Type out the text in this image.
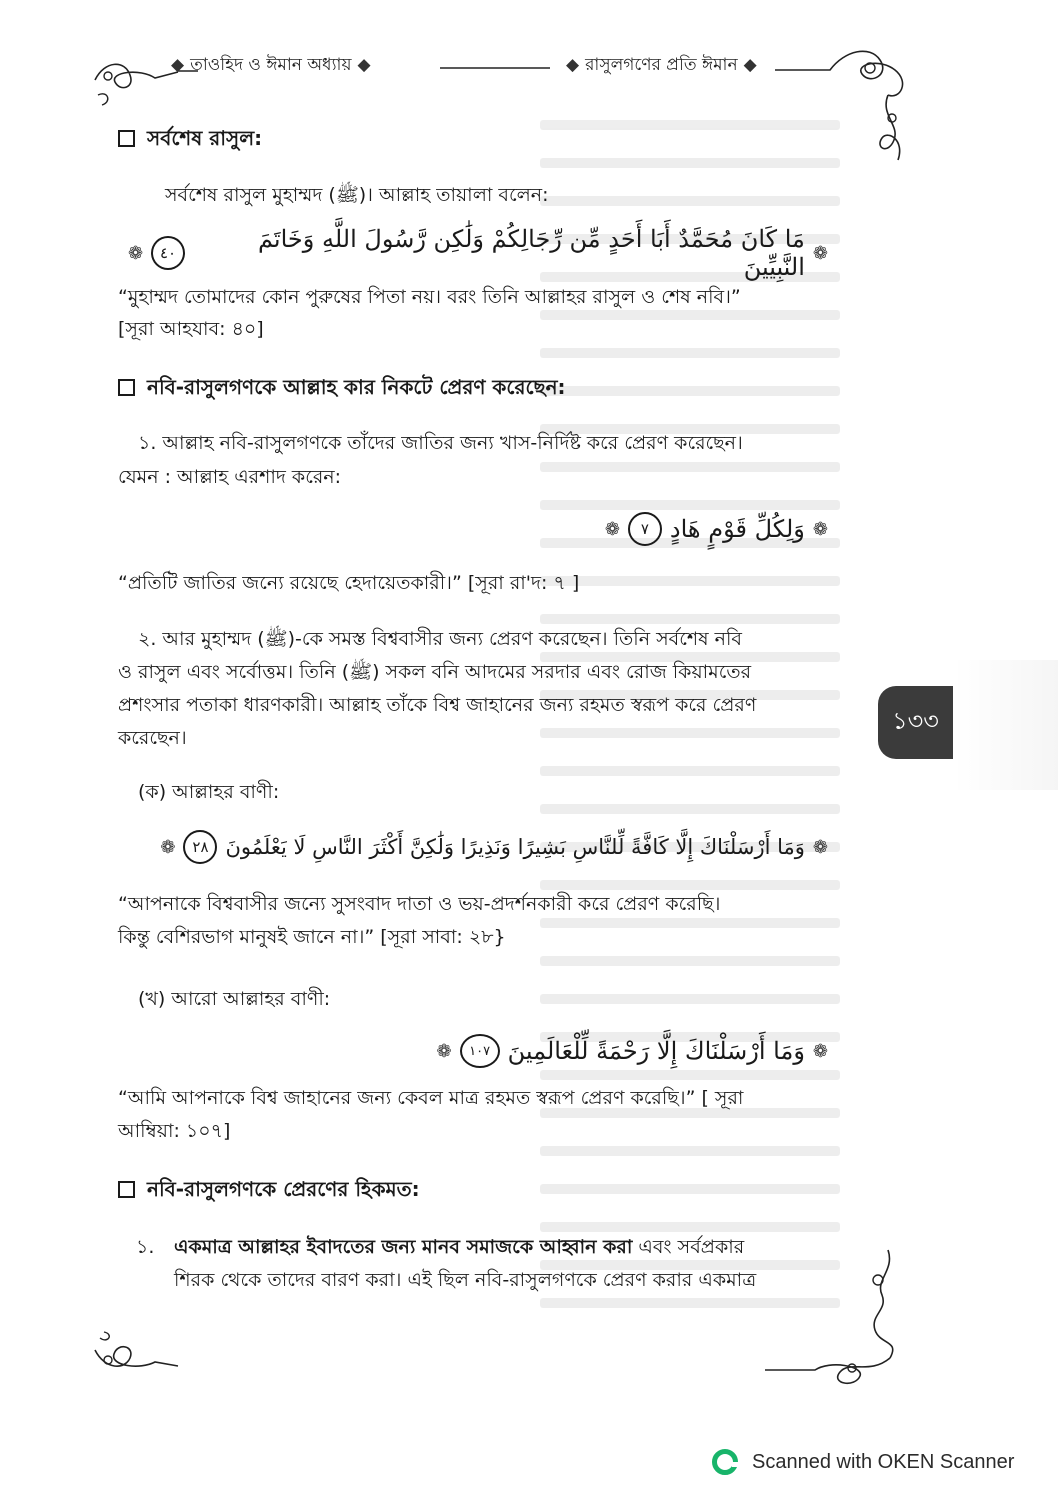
◆ তাওহিদ ও ঈমান অধ্যায় ◆	◆ রাসুলগণের প্রতি ঈমান ◆
সর্বশেষ রাসুল:

সর্বশেষ রাসুল মুহাম্মদ (ﷺ)। আল্লাহ তায়ালা বলেন:

❁
مَا كَانَ مُحَمَّدٌ أَبَا أَحَدٍ مِّن رِّجَالِكُمْ وَلَٰكِن رَّسُولَ اللَّهِ وَخَاتَمَ النَّبِيِّينَ
٤٠
❁

“মুহাম্মদ তোমাদের কোন পুরুষের পিতা নয়। বরং তিনি আল্লাহর রাসুল ও শেষ নবি।”

[সূরা আহযাব: ৪০]

নবি-রাসুলগণকে আল্লাহ কার নিকটে প্রেরণ করেছেন:

১. আল্লাহ নবি-রাসুলগণকে তাঁদের জাতির জন্য খাস-নির্দিষ্ট করে প্রেরণ করেছেন।

যেমন : আল্লাহ এরশাদ করেন:

❁
وَلِكُلِّ قَوْمٍ هَادٍ
٧
❁

“প্রতিটি জাতির জন্যে রয়েছে হেদায়েতকারী।” [সূরা রা'দ: ৭ ]

২. আর মুহাম্মদ (ﷺ)-কে সমস্ত বিশ্ববাসীর জন্য প্রেরণ করেছেন। তিনি সর্বশেষ নবি

ও রাসুল এবং সর্বোত্তম। তিনি (ﷺ) সকল বনি আদমের সরদার এবং রোজ কিয়ামতের

প্রশংসার পতাকা ধারণকারী। আল্লাহ তাঁকে বিশ্ব জাহানের জন্য রহমত স্বরূপ করে প্রেরণ

করেছেন।

(ক) আল্লাহর বাণী:

❁
وَمَا أَرْسَلْنَاكَ إِلَّا كَافَّةً لِّلنَّاسِ بَشِيرًا وَنَذِيرًا وَلَٰكِنَّ أَكْثَرَ النَّاسِ لَا يَعْلَمُونَ
٢٨
❁

“আপনাকে বিশ্ববাসীর জন্যে সুসংবাদ দাতা ও ভয়-প্রদর্শনকারী করে প্রেরণ করেছি।

কিন্তু বেশিরভাগ মানুষই জানে না।” [সূরা সাবা: ২৮}

(খ) আরো আল্লাহর বাণী:

❁
وَمَا أَرْسَلْنَاكَ إِلَّا رَحْمَةً لِّلْعَالَمِينَ
١٠٧
❁

“আমি আপনাকে বিশ্ব জাহানের জন্য কেবল মাত্র রহমত স্বরূপ প্রেরণ করেছি।” [ সূরা

আম্বিয়া: ১০৭]

নবি-রাসুলগণকে প্রেরণের হিকমত:

১. একমাত্র আল্লাহর ইবাদতের জন্য মানব সমাজকে আহ্বান করা এবং সর্বপ্রকার

শিরক থেকে তাদের বারণ করা। এই ছিল নবি-রাসুলগণকে প্রেরণ করার একমাত্র

১৩৩
Scanned with OKEN Scanner
